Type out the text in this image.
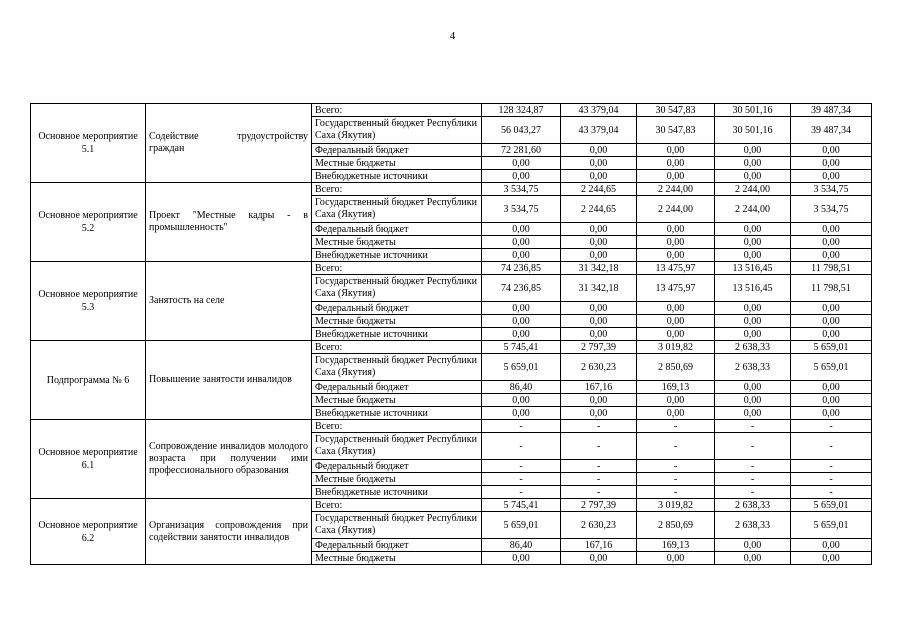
4
Основное мероприятие 5.1	Содействие трудоустройству граждан	Всего:	128 324,87	43 379,04	30 547,83	30 501,16	39 487,34
		Государственный бюджет Республики Саха (Якутия)	56 043,27	43 379,04	30 547,83	30 501,16	39 487,34
		Федеральный бюджет	72 281,60	0,00	0,00	0,00	0,00
		Местные бюджеты	0,00	0,00	0,00	0,00	0,00
		Внебюджетные источники	0,00	0,00	0,00	0,00	0,00
Основное мероприятие 5.2	Проект "Местные кадры - в промышленность"	Всего:	3 534,75	2 244,65	2 244,00	2 244,00	3 534,75
		Государственный бюджет Республики Саха (Якутия)	3 534,75	2 244,65	2 244,00	2 244,00	3 534,75
		Федеральный бюджет	0,00	0,00	0,00	0,00	0,00
		Местные бюджеты	0,00	0,00	0,00	0,00	0,00
		Внебюджетные источники	0,00	0,00	0,00	0,00	0,00
Основное мероприятие 5.3	Занятость на селе	Всего:	74 236,85	31 342,18	13 475,97	13 516,45	11 798,51
		Государственный бюджет Республики Саха (Якутия)	74 236,85	31 342,18	13 475,97	13 516,45	11 798,51
		Федеральный бюджет	0,00	0,00	0,00	0,00	0,00
		Местные бюджеты	0,00	0,00	0,00	0,00	0,00
		Внебюджетные источники	0,00	0,00	0,00	0,00	0,00
Подпрограмма № 6	Повышение занятости инвалидов	Всего:	5 745,41	2 797,39	3 019,82	2 638,33	5 659,01
		Государственный бюджет Республики Саха (Якутия)	5 659,01	2 630,23	2 850,69	2 638,33	5 659,01
		Федеральный бюджет	86,40	167,16	169,13	0,00	0,00
		Местные бюджеты	0,00	0,00	0,00	0,00	0,00
		Внебюджетные источники	0,00	0,00	0,00	0,00	0,00
Основное мероприятие 6.1	Сопровождение инвалидов молодого возраста при получении ими профессионального образования	Всего:	-	-	-	-	-
		Государственный бюджет Республики Саха (Якутия)	-	-	-	-	-
		Федеральный бюджет	-	-	-	-	-
		Местные бюджеты	-	-	-	-	-
		Внебюджетные источники	-	-	-	-	-
Основное мероприятие 6.2	Организация сопровождения при содействии занятости инвалидов	Всего:	5 745,41	2 797,39	3 019,82	2 638,33	5 659,01
		Государственный бюджет Республики Саха (Якутия)	5 659,01	2 630,23	2 850,69	2 638,33	5 659,01
		Федеральный бюджет	86,40	167,16	169,13	0,00	0,00
		Местные бюджеты	0,00	0,00	0,00	0,00	0,00
